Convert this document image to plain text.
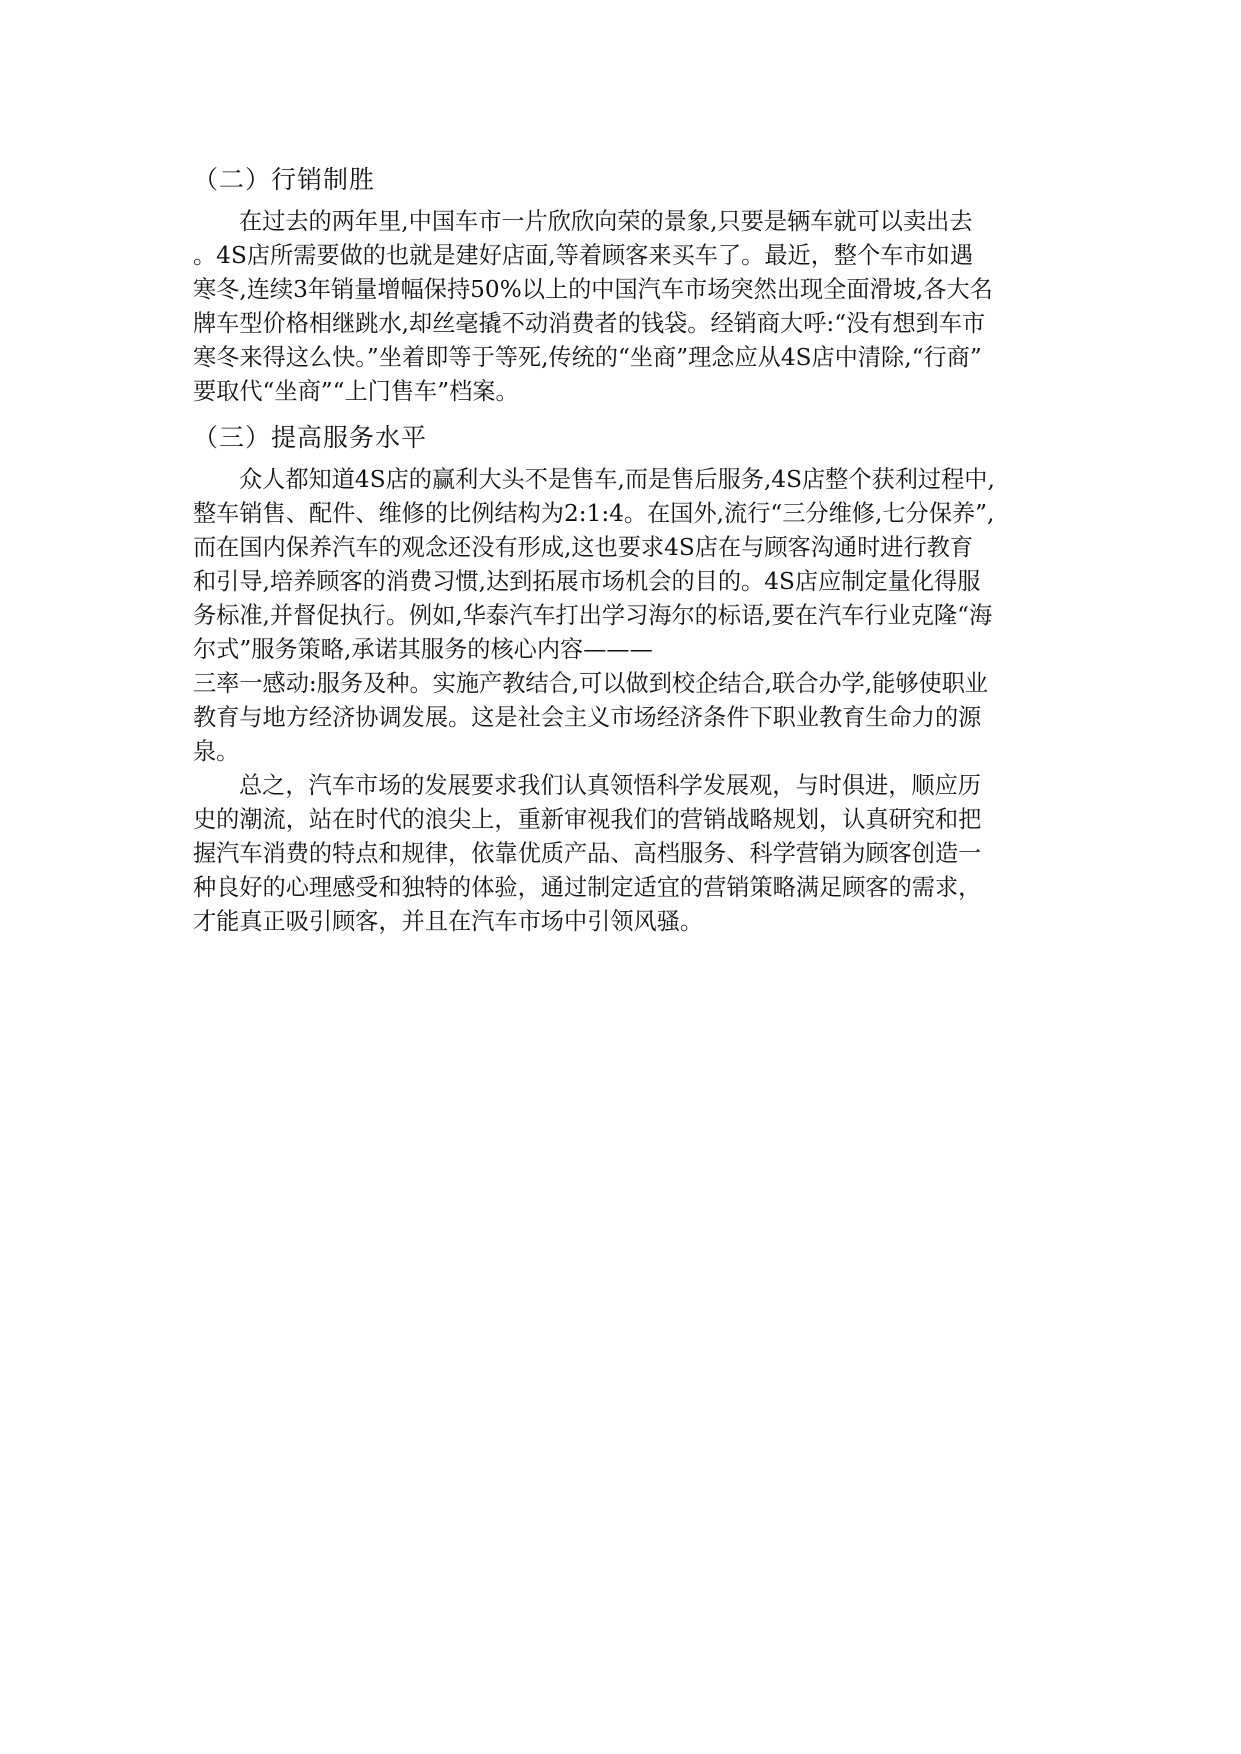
（二）行销制胜

在过去的两年里,中国车市一片欣欣向荣的景象,只要是辆车就可以卖出去
。4S店所需要做的也就是建好店面,等着顾客来买车了。最近，整个车市如遇
寒冬,连续3年销量增幅保持50%以上的中国汽车市场突然出现全面滑坡,各大名
牌车型价格相继跳水,却丝毫撬不动消费者的钱袋。经销商大呼:“没有想到车市
寒冬来得这么快。”坐着即等于等死,传统的“坐商”理念应从4S店中清除,“行商”
要取代“坐商”“上门售车”档案。

（三）提高服务水平

众人都知道4S店的赢利大头不是售车,而是售后服务,4S店整个获利过程中,
整车销售、配件、维修的比例结构为2:1:4。在国外,流行“三分维修,七分保养”,
而在国内保养汽车的观念还没有形成,这也要求4S店在与顾客沟通时进行教育
和引导,培养顾客的消费习惯,达到拓展市场机会的目的。4S店应制定量化得服
务标准,并督促执行。例如,华泰汽车打出学习海尔的标语,要在汽车行业克隆“海
尔式”服务策略,承诺其服务的核心内容———
三率一感动:服务及种。实施产教结合,可以做到校企结合,联合办学,能够使职业
教育与地方经济协调发展。这是社会主义市场经济条件下职业教育生命力的源
泉。

总之，汽车市场的发展要求我们认真领悟科学发展观，与时俱进，顺应历
史的潮流，站在时代的浪尖上，重新审视我们的营销战略规划，认真研究和把
握汽车消费的特点和规律，依靠优质产品、高档服务、科学营销为顾客创造一
种良好的心理感受和独特的体验，通过制定适宜的营销策略满足顾客的需求，
才能真正吸引顾客，并且在汽车市场中引领风骚。
